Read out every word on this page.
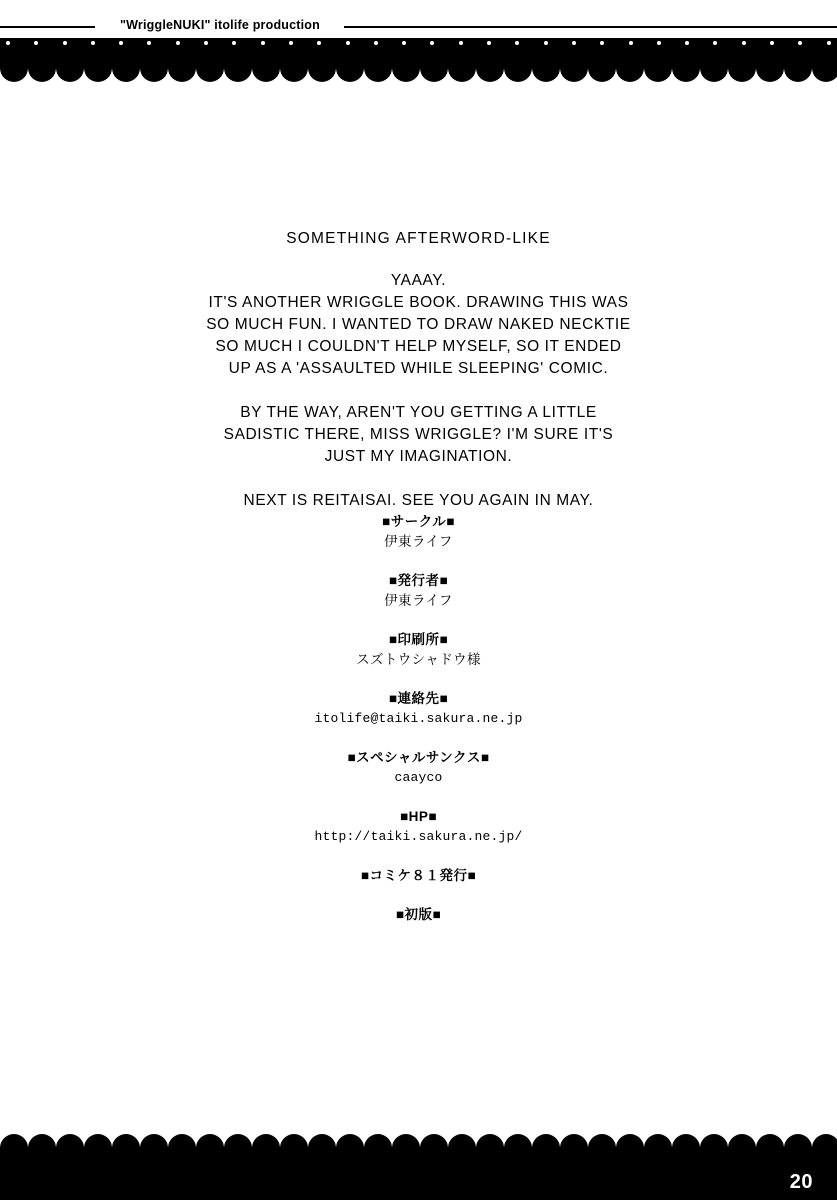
"WriggleNUKI" itolife production
SOMETHING AFTERWORD-LIKE

YAAAY.
IT'S ANOTHER WRIGGLE BOOK. DRAWING THIS WAS
SO MUCH FUN. I WANTED TO DRAW NAKED NECKTIE
SO MUCH I COULDN'T HELP MYSELF, SO IT ENDED
UP AS A 'ASSAULTED WHILE SLEEPING' COMIC.

BY THE WAY, AREN'T YOU GETTING A LITTLE
SADISTIC THERE, MISS WRIGGLE? I'M SURE IT'S
JUST MY IMAGINATION.

NEXT IS REITAISAI. SEE YOU AGAIN IN MAY.

■サークル■
伊東ライフ
■発行者■
伊東ライフ
■印刷所■
スズトウシャドウ様
■連絡先■
itolife@taiki.sakura.ne.jp
■スペシャルサンクス■
caayco
■HP■
http://taiki.sakura.ne.jp/
■コミケ８１発行■
■初版■
20
